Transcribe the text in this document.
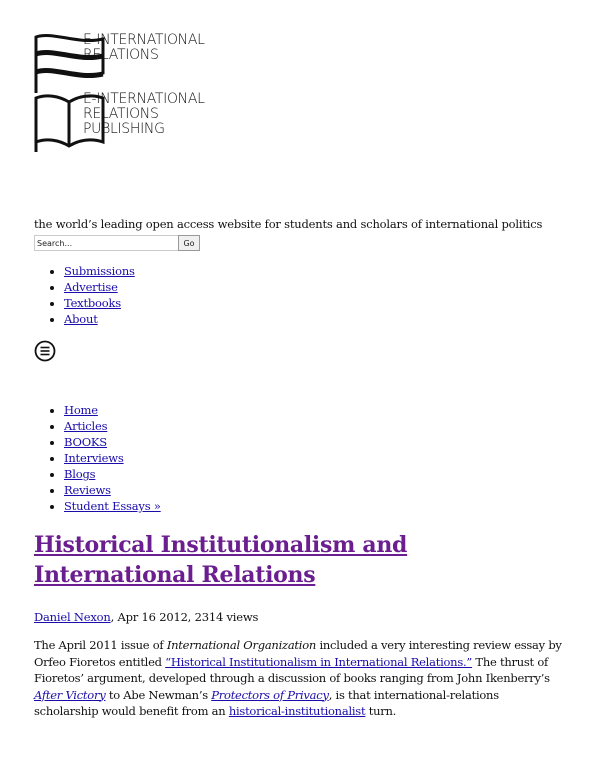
E-INTERNATIONAL
RELATIONS
E-INTERNATIONAL
RELATIONS
PUBLISHING
the world’s leading open access website for students and scholars of international politics
Search...
Go
• Submissions
• Advertise
• Textbooks
• About
• Home
• Articles
• BOOKS
• Interviews
• Blogs
• Reviews
• Student Essays »
Historical Institutionalism and International Relations
Daniel Nexon, Apr 16 2012, 2314 views

The April 2011 issue of International Organization included a very interesting review essay by Orfeo Fioretos entitled “Historical Institutionalism in International Relations.” The thrust of Fioretos’ argument, developed through a discussion of books ranging from John Ikenberry’s After Victory to Abe Newman’s Protectors of Privacy, is that international-relations scholarship would benefit from an historical-institutionalist turn.
